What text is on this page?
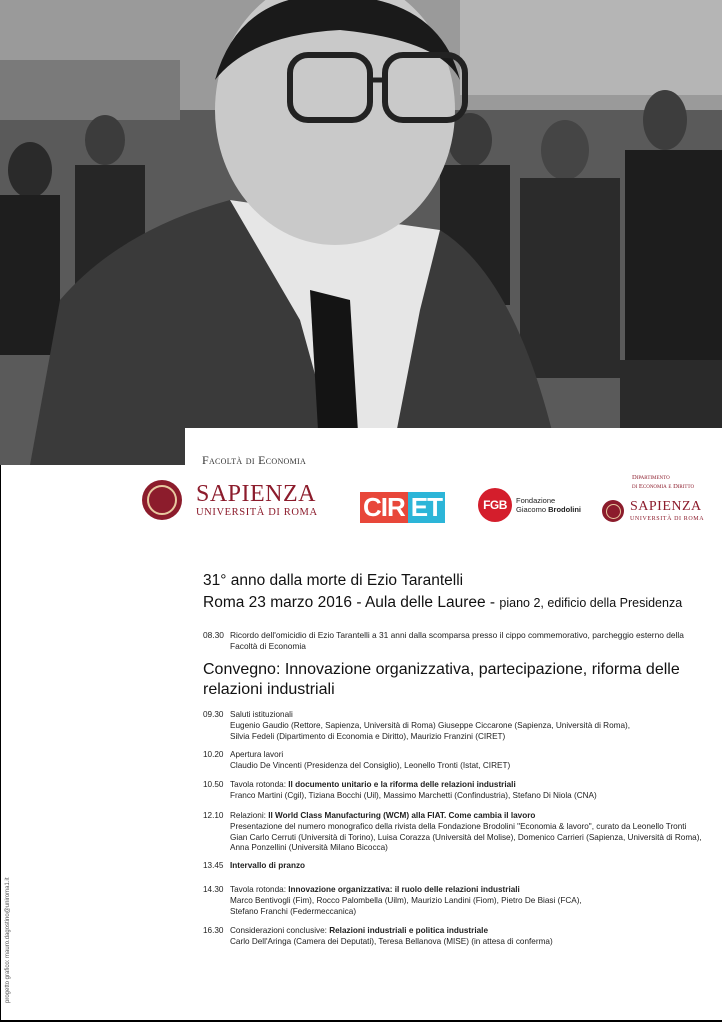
Facoltà di Economia
SAPIENZA
UNIVERSITÀ DI ROMA CIR ET	FGB	Fondazione
Giacomo Brodolini	SAPIENZA
UNIVERSITÀ DI ROMA
Dipartimento
di Economia e Diritto
31° anno dalla morte di Ezio Tarantelli
Roma 23 marzo 2016 - Aula delle Lauree - piano 2, edificio della Presidenza
08.30 Ricordo dell'omicidio di Ezio Tarantelli a 31 anni dalla scomparsa presso il cippo commemorativo, parcheggio esterno della Facoltà di Economia
Convegno: Innovazione organizzativa, partecipazione, riforma delle relazioni industriali
09.30 Saluti istituzionali
Eugenio Gaudio (Rettore, Sapienza, Università di Roma) Giuseppe Ciccarone (Sapienza, Università di Roma),
Silvia Fedeli (Dipartimento di Economia e Diritto), Maurizio Franzini (CIRET)
10.20 Apertura lavori
Claudio De Vincenti (Presidenza del Consiglio), Leonello Tronti (Istat, CIRET)
10.50 Tavola rotonda: Il documento unitario e la riforma delle relazioni industriali
Franco Martini (Cgil), Tiziana Bocchi (Uil), Massimo Marchetti (Confindustria), Stefano Di Niola (CNA)
12.10 Relazioni: Il World Class Manufacturing (WCM) alla FIAT. Come cambia il lavoro
Presentazione del numero monografico della rivista della Fondazione Brodolini "Economia & lavoro", curato da Leonello Tronti
Gian Carlo Cerruti (Università di Torino), Luisa Corazza (Università del Molise), Domenico Carrieri (Sapienza, Università di Roma),
Anna Ponzellini (Università Milano Bicocca)
13.45 Intervallo di pranzo
14.30 Tavola rotonda: Innovazione organizzativa: il ruolo delle relazioni industriali
Marco Bentivogli (Fim), Rocco Palombella (Uilm), Maurizio Landini (Fiom), Pietro De Biasi (FCA),
Stefano Franchi (Federmeccanica)
16.30 Considerazioni conclusive: Relazioni industriali e politica industriale
Carlo Dell'Aringa (Camera dei Deputati), Teresa Bellanova (MISE) (in attesa di conferma)
progetto grafico: mauro.dagostino@uniroma1.it
